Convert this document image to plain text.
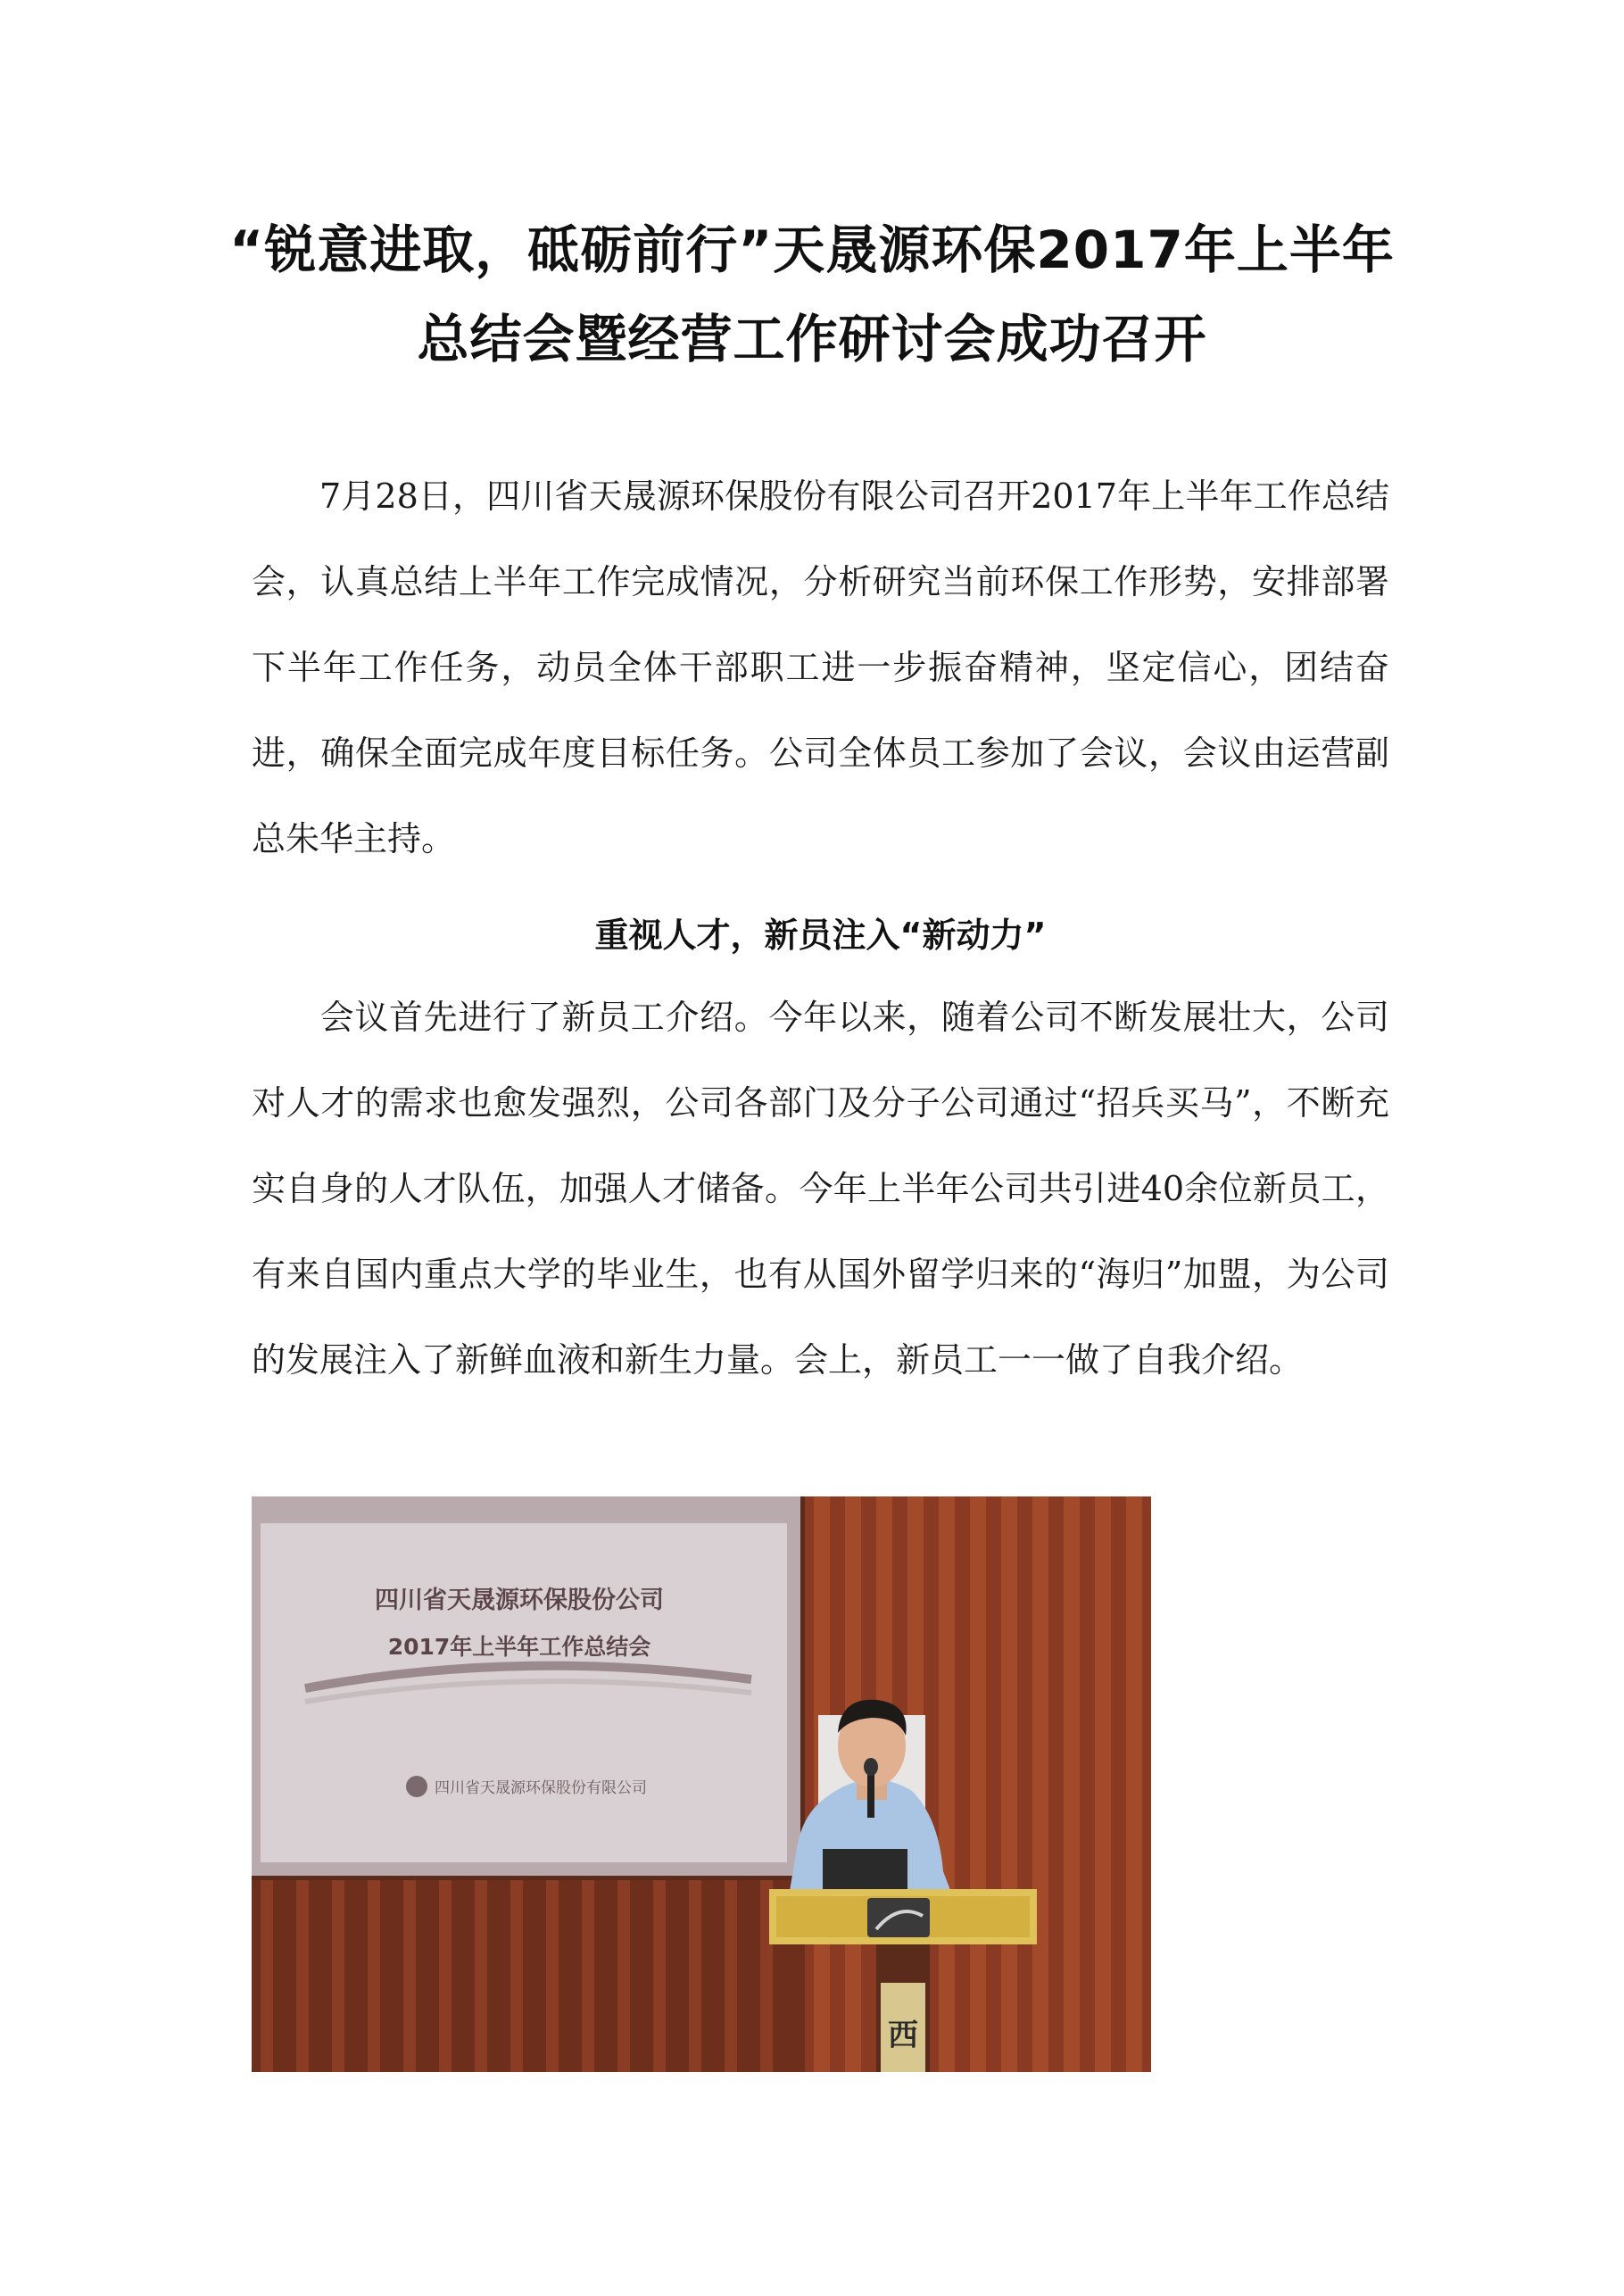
“锐意进取，砥砺前行”天晟源环保2017年上半年总结会暨经营工作研讨会成功召开
7月28日，四川省天晟源环保股份有限公司召开2017年上半年工作总结会，认真总结上半年工作完成情况，分析研究当前环保工作形势，安排部署下半年工作任务，动员全体干部职工进一步振奋精神，坚定信心，团结奋进，确保全面完成年度目标任务。公司全体员工参加了会议，会议由运营副总朱华主持。
重视人才，新员注入“新动力”
会议首先进行了新员工介绍。今年以来，随着公司不断发展壮大，公司对人才的需求也愈发强烈，公司各部门及分子公司通过“招兵买马”，不断充实自身的人才队伍，加强人才储备。今年上半年公司共引进40余位新员工，有来自国内重点大学的毕业生，也有从国外留学归来的“海归”加盟，为公司的发展注入了新鲜血液和新生力量。会上，新员工一一做了自我介绍。
四川省天晟源环保股份公司
2017年上半年工作总结会
四川省天晟源环保股份有限公司
西
